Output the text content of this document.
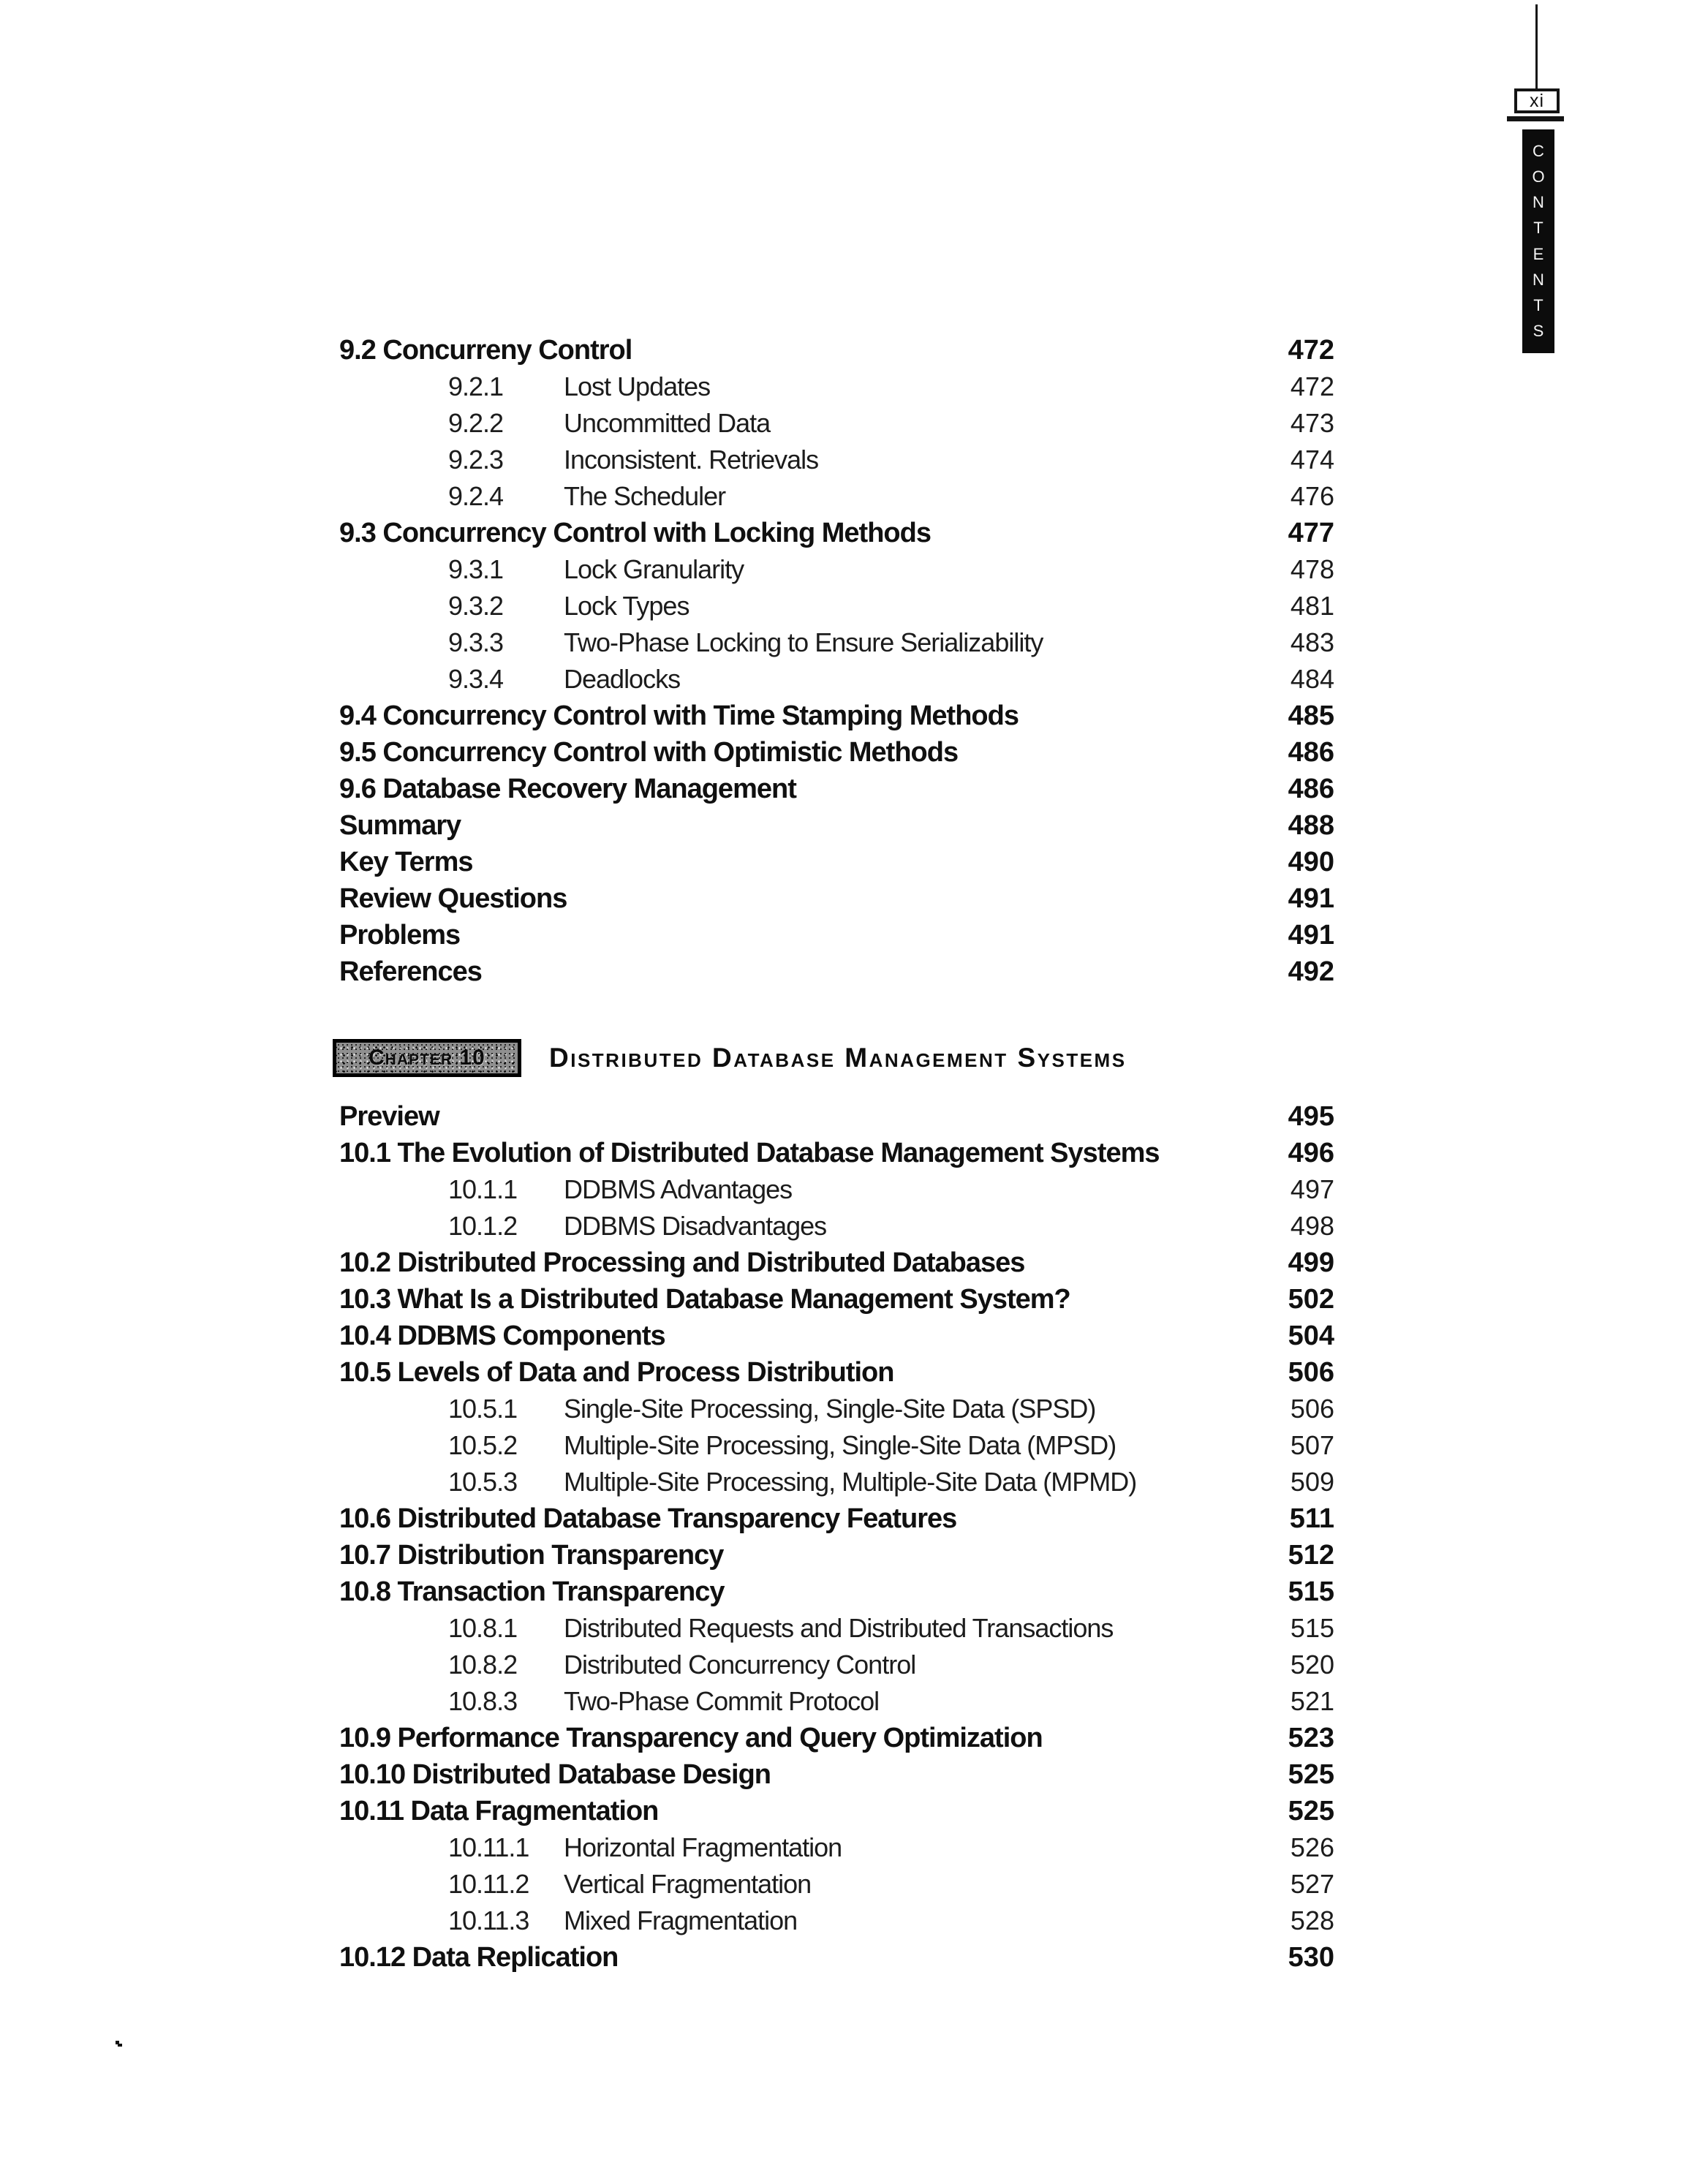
xi
C
O
N
T
E
N
T
S
9.2 Concurreny Control	472
9.2.1 Lost Updates	472
9.2.2 Uncommitted Data	473
9.2.3 Inconsistent. Retrievals	474
9.2.4 The Scheduler	476
9.3 Concurrency Control with Locking Methods	477
9.3.1 Lock Granularity	478
9.3.2 Lock Types	481
9.3.3 Two-Phase Locking to Ensure Serializability	483
9.3.4 Deadlocks	484
9.4 Concurrency Control with Time Stamping Methods	485
9.5 Concurrency Control with Optimistic Methods	486
9.6 Database Recovery Management	486
Summary	488
Key Terms	490
Review Questions	491
Problems	491
References	492
Chapter 10 Distributed Database Management Systems
Preview	495
10.1 The Evolution of Distributed Database Management Systems	496
10.1.1 DDBMS Advantages	497
10.1.2 DDBMS Disadvantages	498
10.2 Distributed Processing and Distributed Databases	499
10.3 What Is a Distributed Database Management System?	502
10.4 DDBMS Components	504
10.5 Levels of Data and Process Distribution	506
10.5.1 Single-Site Processing, Single-Site Data (SPSD)	506
10.5.2 Multiple-Site Processing, Single-Site Data (MPSD)	507
10.5.3 Multiple-Site Processing, Multiple-Site Data (MPMD)	509
10.6 Distributed Database Transparency Features	511
10.7 Distribution Transparency	512
10.8 Transaction Transparency	515
10.8.1 Distributed Requests and Distributed Transactions	515
10.8.2 Distributed Concurrency Control	520
10.8.3 Two-Phase Commit Protocol	521
10.9 Performance Transparency and Query Optimization	523
10.10 Distributed Database Design	525
10.11 Data Fragmentation	525
10.11.1 Horizontal Fragmentation	526
10.11.2 Vertical Fragmentation	527
10.11.3 Mixed Fragmentation	528
10.12 Data Replication	530
